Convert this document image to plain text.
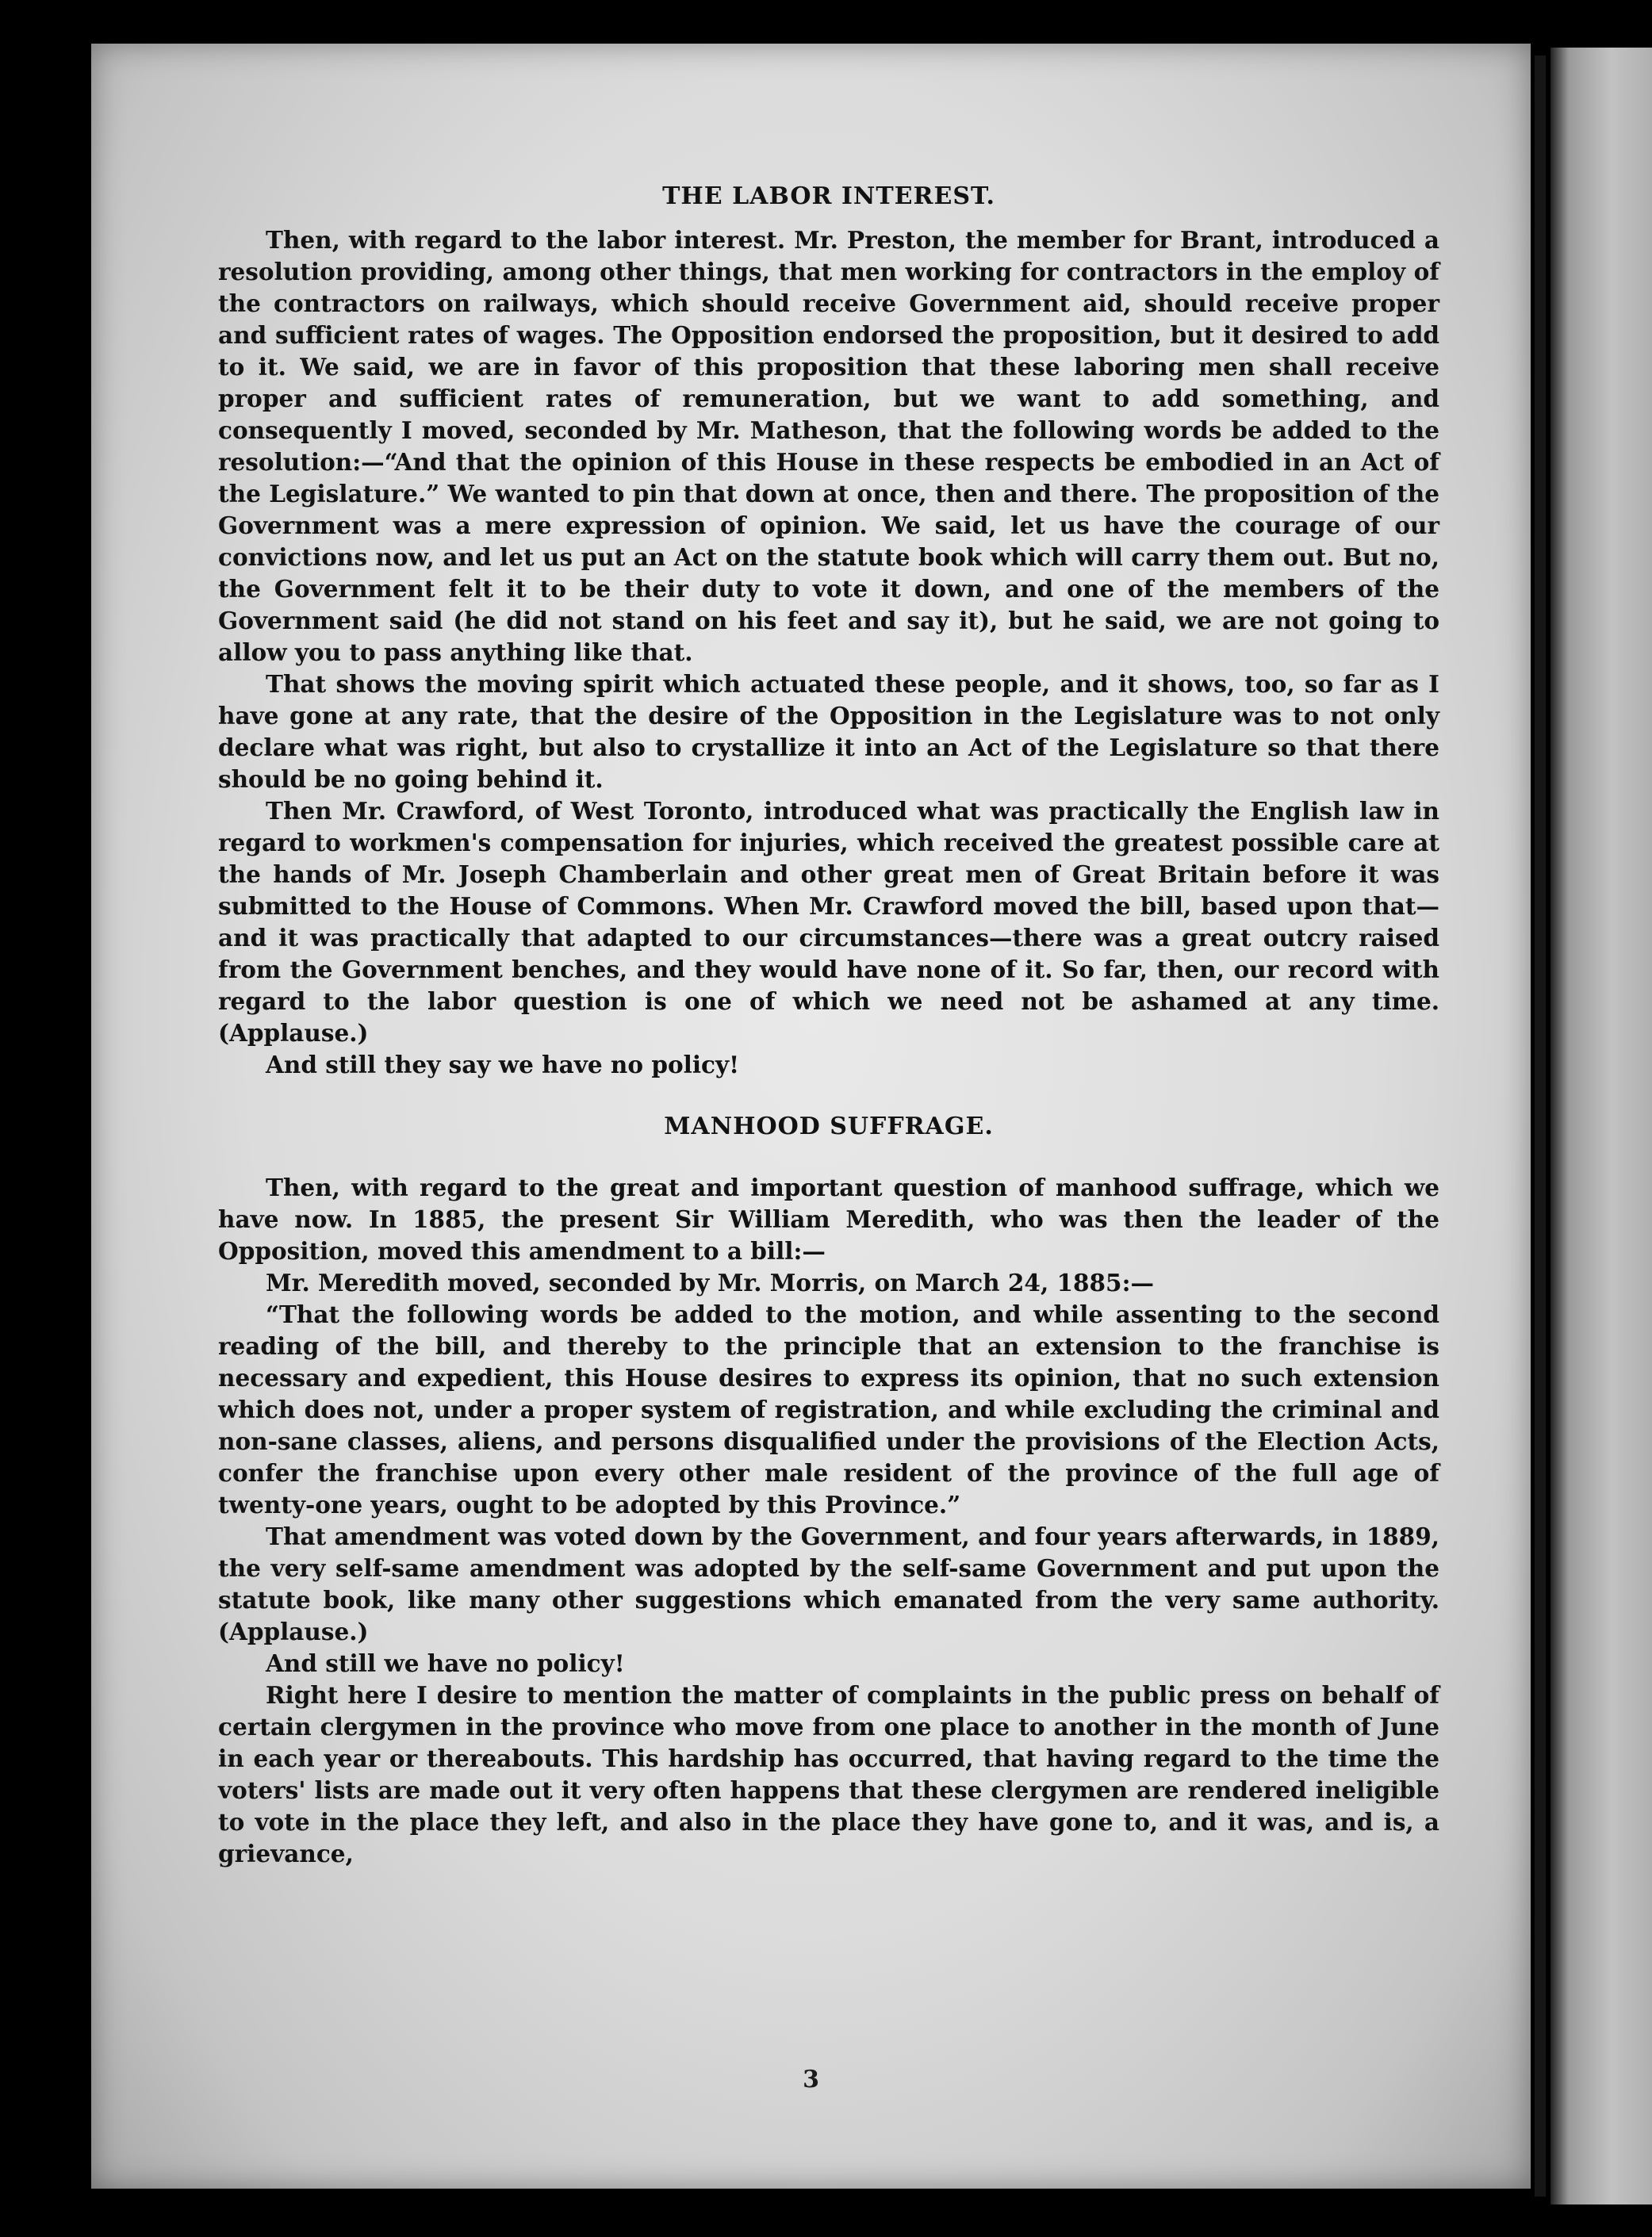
THE LABOR INTEREST.

Then, with regard to the labor interest. Mr. Preston, the member for Brant, introduced a resolution providing, among other things, that men working for contractors in the employ of the contractors on railways, which should receive Government aid, should receive proper and sufficient rates of wages. The Opposition endorsed the proposition, but it desired to add to it. We said, we are in favor of this proposition that these laboring men shall receive proper and sufficient rates of remuneration, but we want to add something, and consequently I moved, seconded by Mr. Matheson, that the following words be added to the resolution:—“And that the opinion of this House in these respects be embodied in an Act of the Legislature.” We wanted to pin that down at once, then and there. The proposition of the Government was a mere expression of opinion. We said, let us have the courage of our convictions now, and let us put an Act on the statute book which will carry them out. But no, the Government felt it to be their duty to vote it down, and one of the members of the Government said (he did not stand on his feet and say it), but he said, we are not going to allow you to pass anything like that.

That shows the moving spirit which actuated these people, and it shows, too, so far as I have gone at any rate, that the desire of the Opposition in the Legislature was to not only declare what was right, but also to crystallize it into an Act of the Legislature so that there should be no going behind it.

Then Mr. Crawford, of West Toronto, introduced what was practically the English law in regard to workmen's compensation for injuries, which received the greatest possible care at the hands of Mr. Joseph Chamberlain and other great men of Great Britain before it was submitted to the House of Commons. When Mr. Crawford moved the bill, based upon that—and it was practically that adapted to our circumstances—there was a great outcry raised from the Government benches, and they would have none of it. So far, then, our record with regard to the labor question is one of which we need not be ashamed at any time. (Applause.)

And still they say we have no policy!

MANHOOD SUFFRAGE.

Then, with regard to the great and important question of manhood suffrage, which we have now. In 1885, the present Sir William Meredith, who was then the leader of the Opposition, moved this amendment to a bill:—

Mr. Meredith moved, seconded by Mr. Morris, on March 24, 1885:—

“That the following words be added to the motion, and while assenting to the second reading of the bill, and thereby to the principle that an extension to the franchise is necessary and expedient, this House desires to express its opinion, that no such extension which does not, under a proper system of registration, and while excluding the criminal and non-sane classes, aliens, and persons disqualified under the provisions of the Election Acts, confer the franchise upon every other male resident of the province of the full age of twenty-one years, ought to be adopted by this Province.”

That amendment was voted down by the Government, and four years afterwards, in 1889, the very self-same amendment was adopted by the self-same Government and put upon the statute book, like many other suggestions which emanated from the very same authority. (Applause.)

And still we have no policy!

Right here I desire to mention the matter of complaints in the public press on behalf of certain clergymen in the province who move from one place to another in the month of June in each year or thereabouts. This hardship has occurred, that having regard to the time the voters' lists are made out it very often happens that these clergymen are rendered ineligible to vote in the place they left, and also in the place they have gone to, and it was, and is, a grievance,

3
